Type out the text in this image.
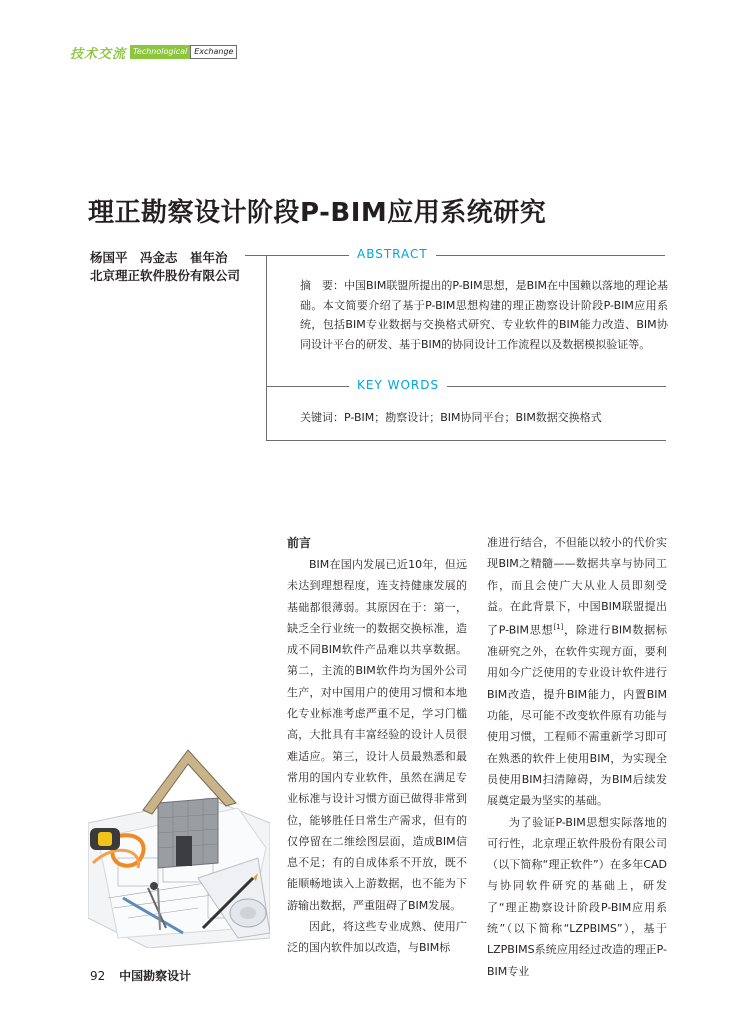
技术交流 Technological Exchange
理正勘察设计阶段P-BIM应用系统研究
杨国平　冯金志　崔年治
北京理正软件股份有限公司
ABSTRACT
摘　要：中国BIM联盟所提出的P-BIM思想，是BIM在中国赖以落地的理论基础。本文简要介绍了基于P-BIM思想构建的理正勘察设计阶段P-BIM应用系统，包括BIM专业数据与交换格式研究、专业软件的BIM能力改造、BIM协同设计平台的研发、基于BIM的协同设计工作流程以及数据模拟验证等。
KEY WORDS
关键词：P-BIM；勘察设计；BIM协同平台；BIM数据交换格式
前言

BIM在国内发展已近10年，但远未达到理想程度，连支持健康发展的基础都很薄弱。其原因在于：第一，缺乏全行业统一的数据交换标准，造成不同BIM软件产品难以共享数据。第二，主流的BIM软件均为国外公司生产，对中国用户的使用习惯和本地化专业标准考虑严重不足，学习门槛高，大批具有丰富经验的设计人员很难适应。第三，设计人员最熟悉和最常用的国内专业软件，虽然在满足专业标准与设计习惯方面已做得非常到位，能够胜任日常生产需求，但有的仅停留在二维绘图层面，造成BIM信息不足；有的自成体系不开放，既不能顺畅地读入上游数据，也不能为下游输出数据，严重阻碍了BIM发展。

因此，将这些专业成熟、使用广泛的国内软件加以改造，与BIM标

准进行结合，不但能以较小的代价实现BIM之精髓——数据共享与协同工作，而且会使广大从业人员即刻受益。在此背景下，中国BIM联盟提出了P-BIM思想[1]，除进行BIM数据标准研究之外，在软件实现方面，要利用如今广泛使用的专业设计软件进行BIM改造，提升BIM能力，内置BIM功能，尽可能不改变软件原有功能与使用习惯，工程师不需重新学习即可在熟悉的软件上使用BIM，为实现全员使用BIM扫清障碍，为BIM后续发展奠定最为坚实的基础。

为了验证P-BIM思想实际落地的可行性，北京理正软件股份有限公司（以下简称“理正软件”）在多年CAD与协同软件研究的基础上，研发了“理正勘察设计阶段P-BIM应用系统”（以下简称“LZPBIMS”），基于LZPBIMS系统应用经过改造的理正P-BIM专业

92 中国勘察设计
